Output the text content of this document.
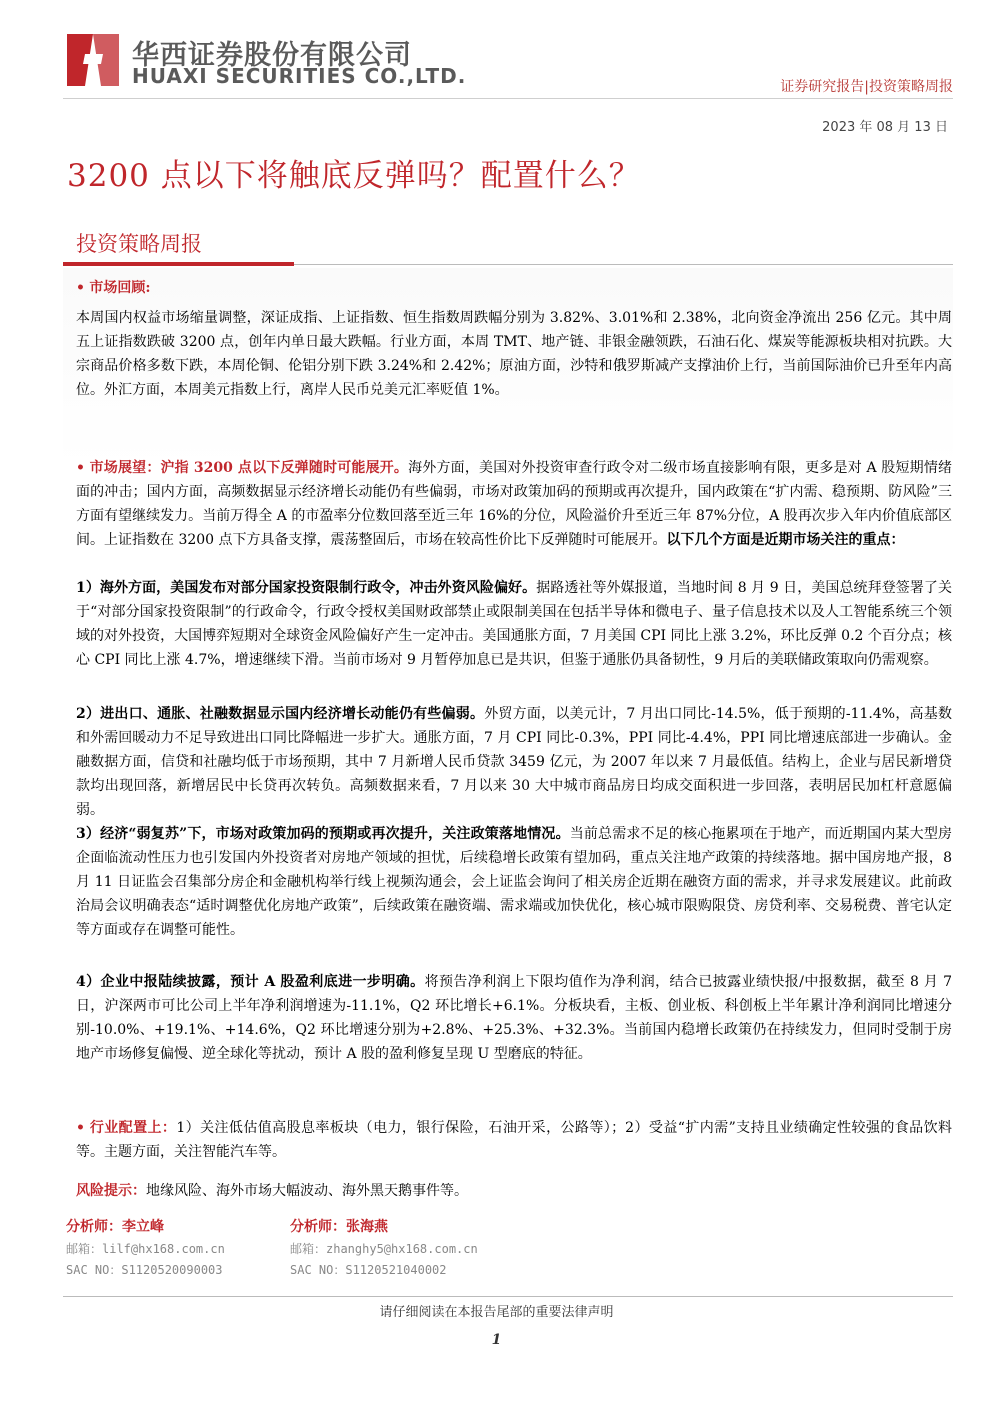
华西证券股份有限公司
HUAXI SECURITIES CO.,LTD.	证券研究报告|投资策略周报
2023 年 08 月 13 日
3200 点以下将触底反弹吗？配置什么？
投资策略周报
• 市场回顾:
本周国内权益市场缩量调整，深证成指、上证指数、恒生指数周跌幅分别为 3.82%、3.01%和 2.38%，北向资金净流出 256 亿元。其中周五上证指数跌破 3200 点，创年内单日最大跌幅。行业方面，本周 TMT、地产链、非银金融领跌，石油石化、煤炭等能源板块相对抗跌。大宗商品价格多数下跌，本周伦铜、伦铝分别下跌 3.24%和 2.42%；原油方面，沙特和俄罗斯减产支撑油价上行，当前国际油价已升至年内高位。外汇方面，本周美元指数上行，离岸人民币兑美元汇率贬值 1%。
• 市场展望：沪指 3200 点以下反弹随时可能展开。海外方面，美国对外投资审查行政令对二级市场直接影响有限，更多是对 A 股短期情绪面的冲击；国内方面，高频数据显示经济增长动能仍有些偏弱，市场对政策加码的预期或再次提升，国内政策在“扩内需、稳预期、防风险”三方面有望继续发力。当前万得全 A 的市盈率分位数回落至近三年 16%的分位，风险溢价升至近三年 87%分位，A 股再次步入年内价值底部区间。上证指数在 3200 点下方具备支撑，震荡整固后，市场在较高性价比下反弹随时可能展开。以下几个方面是近期市场关注的重点：
1）海外方面，美国发布对部分国家投资限制行政令，冲击外资风险偏好。据路透社等外媒报道，当地时间 8 月 9 日，美国总统拜登签署了关于“对部分国家投资限制”的行政命令，行政令授权美国财政部禁止或限制美国在包括半导体和微电子、量子信息技术以及人工智能系统三个领域的对外投资，大国博弈短期对全球资金风险偏好产生一定冲击。美国通胀方面，7 月美国 CPI 同比上涨 3.2%，环比反弹 0.2 个百分点；核心 CPI 同比上涨 4.7%，增速继续下滑。当前市场对 9 月暂停加息已是共识，但鉴于通胀仍具备韧性，9 月后的美联储政策取向仍需观察。
2）进出口、通胀、社融数据显示国内经济增长动能仍有些偏弱。外贸方面，以美元计，7 月出口同比-14.5%，低于预期的-11.4%，高基数和外需回暖动力不足导致进出口同比降幅进一步扩大。通胀方面，7 月 CPI 同比-0.3%，PPI 同比-4.4%，PPI 同比增速底部进一步确认。金融数据方面，信贷和社融均低于市场预期，其中 7 月新增人民币贷款 3459 亿元，为 2007 年以来 7 月最低值。结构上，企业与居民新增贷款均出现回落，新增居民中长贷再次转负。高频数据来看，7 月以来 30 大中城市商品房日均成交面积进一步回落，表明居民加杠杆意愿偏弱。
3）经济“弱复苏”下，市场对政策加码的预期或再次提升，关注政策落地情况。当前总需求不足的核心拖累项在于地产，而近期国内某大型房企面临流动性压力也引发国内外投资者对房地产领域的担忧，后续稳增长政策有望加码，重点关注地产政策的持续落地。据中国房地产报，8 月 11 日证监会召集部分房企和金融机构举行线上视频沟通会，会上证监会询问了相关房企近期在融资方面的需求，并寻求发展建议。此前政治局会议明确表态“适时调整优化房地产政策”，后续政策在融资端、需求端或加快优化，核心城市限购限贷、房贷利率、交易税费、普宅认定等方面或存在调整可能性。
4）企业中报陆续披露，预计 A 股盈利底进一步明确。将预告净利润上下限均值作为净利润，结合已披露业绩快报/中报数据，截至 8 月 7 日，沪深两市可比公司上半年净利润增速为-11.1%，Q2 环比增长+6.1%。分板块看，主板、创业板、科创板上半年累计净利润同比增速分别-10.0%、+19.1%、+14.6%，Q2 环比增速分别为+2.8%、+25.3%、+32.3%。当前国内稳增长政策仍在持续发力，但同时受制于房地产市场修复偏慢、逆全球化等扰动，预计 A 股的盈利修复呈现 U 型磨底的特征。
• 行业配置上：1）关注低估值高股息率板块（电力，银行保险，石油开采，公路等）；2）受益“扩内需”支持且业绩确定性较强的食品饮料等。主题方面，关注智能汽车等。
风险提示：地缘风险、海外市场大幅波动、海外黑天鹅事件等。
分析师：李立峰
邮箱：lilf@hx168.com.cn
SAC NO：S1120520090003
分析师：张海燕
邮箱：zhanghy5@hx168.com.cn
SAC NO：S1120521040002
请仔细阅读在本报告尾部的重要法律声明
1
